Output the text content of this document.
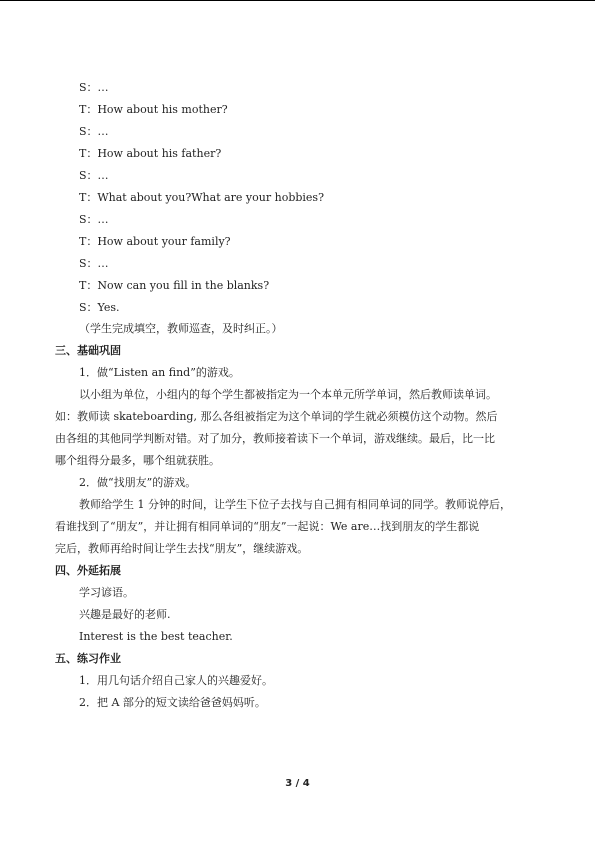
S：…
T：How about his mother?
S：…
T：How about his father?
S：…
T：What about you?What are your hobbies?
S：…
T：How about your family?
S：…
T：Now can you fill in the blanks?
S：Yes.
（学生完成填空，教师巡查，及时纠正。）
三、基础巩固
1．做“Listen an find”的游戏。
以小组为单位，小组内的每个学生都被指定为一个本单元所学单词，然后教师读单词。
如：教师读 skateboarding, 那么各组被指定为这个单词的学生就必须模仿这个动物。然后
由各组的其他同学判断对错。对了加分，教师接着读下一个单词，游戏继续。最后，比一比
哪个组得分最多，哪个组就获胜。
2．做“找朋友”的游戏。
教师给学生 1 分钟的时间，让学生下位子去找与自己拥有相同单词的同学。教师说停后，
看谁找到了“朋友”，并让拥有相同单词的“朋友”一起说：We are…找到朋友的学生都说
完后，教师再给时间让学生去找“朋友”，继续游戏。
四、外延拓展
学习谚语。
兴趣是最好的老师.
Interest is the best teacher.
五、练习作业
1．用几句话介绍自己家人的兴趣爱好。
2．把 A 部分的短文读给爸爸妈妈听。
3 / 4
